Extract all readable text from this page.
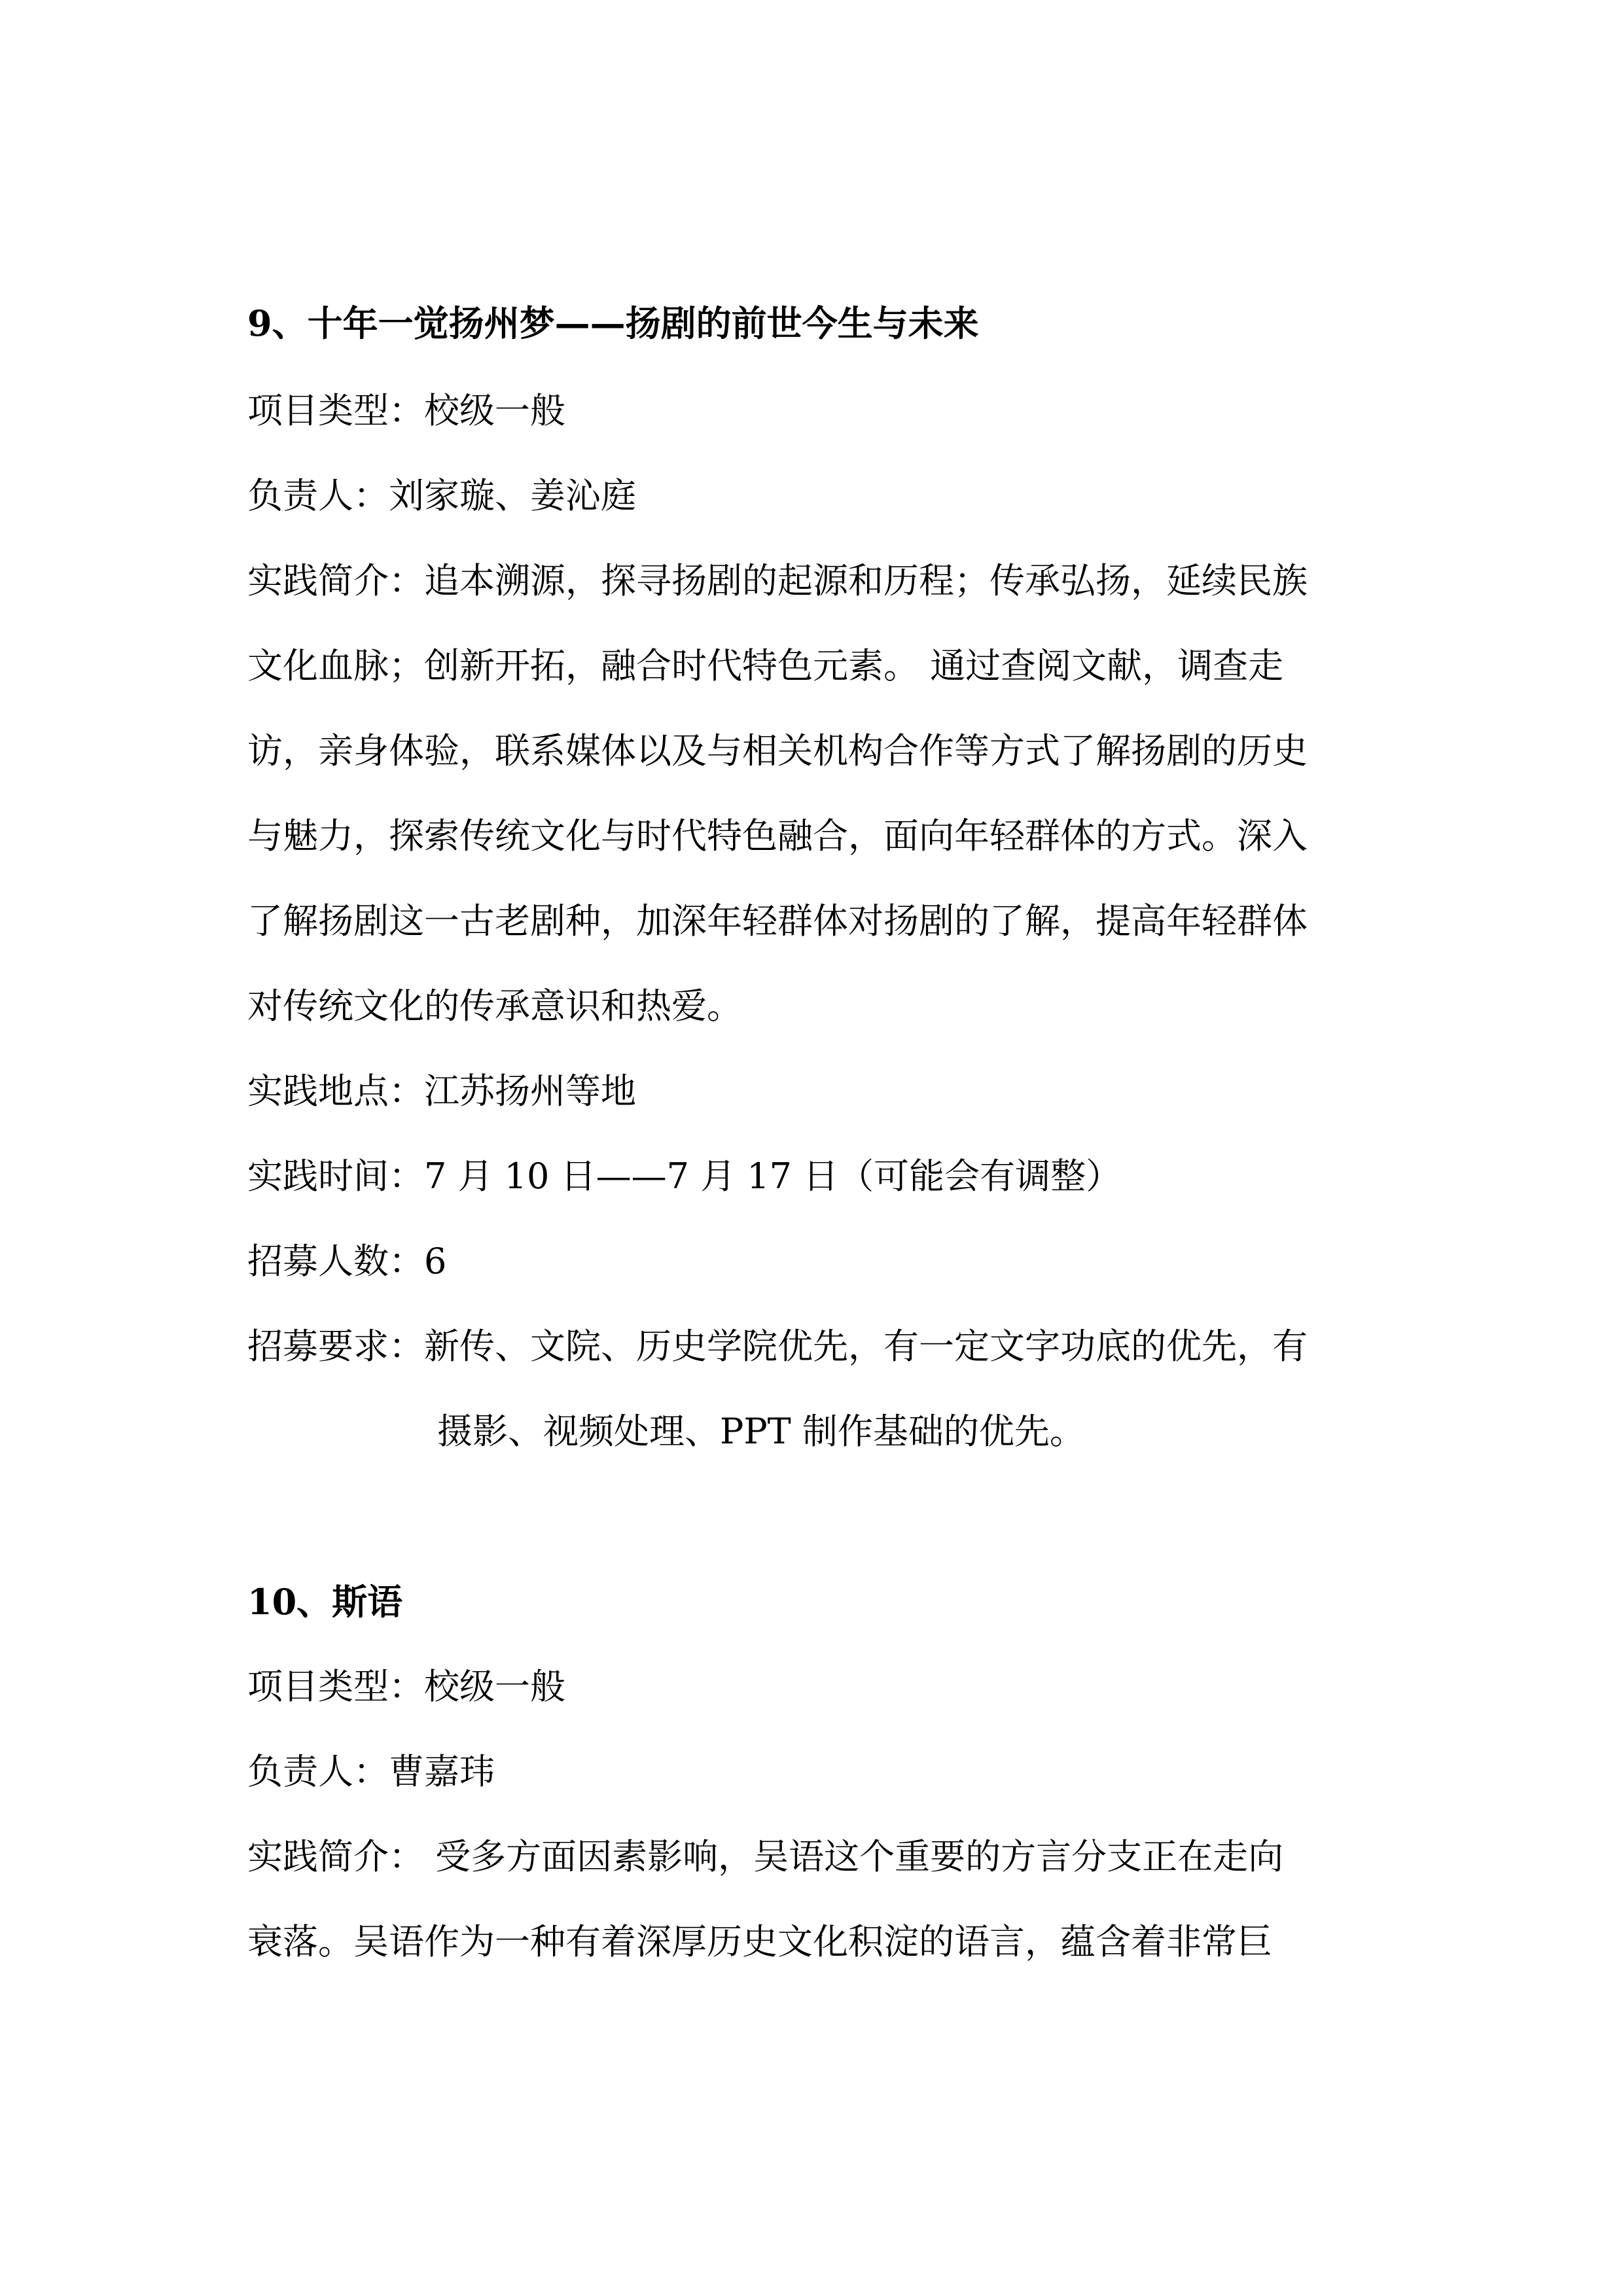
9、十年一觉扬州梦——扬剧的前世今生与未来
项目类型：校级一般
负责人：刘家璇、姜沁庭
实践简介：追本溯源，探寻扬剧的起源和历程；传承弘扬，延续民族
文化血脉；创新开拓，融合时代特色元素。 通过查阅文献，调查走
访，亲身体验，联系媒体以及与相关机构合作等方式了解扬剧的历史
与魅力，探索传统文化与时代特色融合，面向年轻群体的方式。深入
了解扬剧这一古老剧种，加深年轻群体对扬剧的了解，提高年轻群体
对传统文化的传承意识和热爱。
实践地点：江苏扬州等地
实践时间：7 月 10 日——7 月 17 日（可能会有调整）
招募人数：6
招募要求：新传、文院、历史学院优先，有一定文字功底的优先，有
摄影、视频处理、PPT 制作基础的优先。
10、斯语
项目类型：校级一般
负责人：曹嘉玮
实践简介： 受多方面因素影响，吴语这个重要的方言分支正在走向
衰落。吴语作为一种有着深厚历史文化积淀的语言，蕴含着非常巨
